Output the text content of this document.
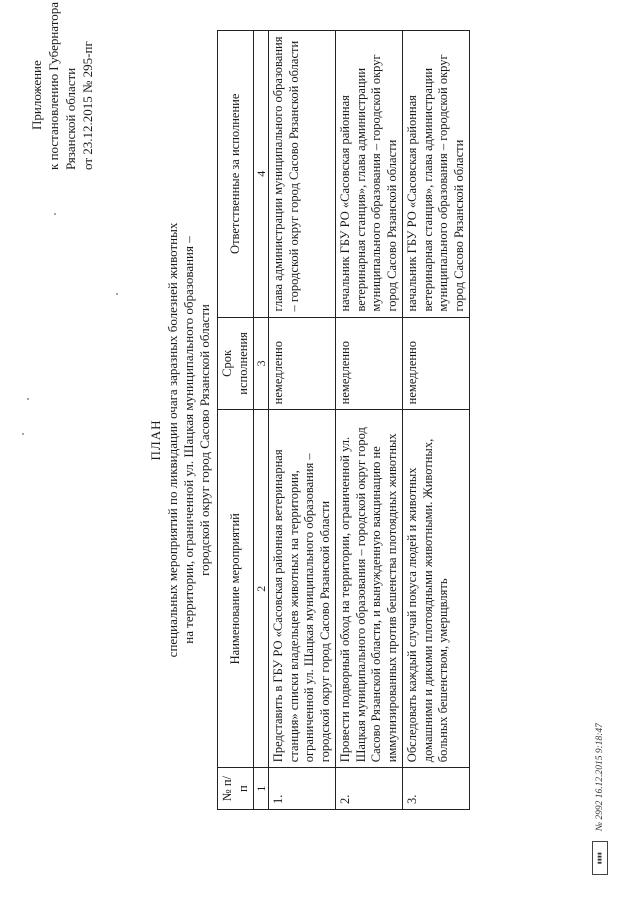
Приложение к постановлению Губернатора Рязанской области от 23.12.2015 № 295-пг
ПЛАН специальных мероприятий по ликвидации очага заразных болезней животных на территории, ограниченной ул. Шацкая муниципального образования – городской округ город Сасово Рязанской области
№ п/п	Наименование мероприятий	Срок исполнения	Ответственные за исполнение
1	2	3	4
1.	Представить в ГБУ РО «Сасовская районная ветеринарная станция» списки владельцев животных на территории, ограниченной ул. Шацкая муниципального образования – городской округ город Сасово Рязанской области	немедленно	глава администрации муниципального образования – городской округ город Сасово Рязанской области
2.	Провести подворный обход на территории, ограниченной ул. Шацкая муниципального образования – городской округ город Сасово Рязанской области, и вынужденную вакцинацию не иммунизированных против бешенства плотоядных животных	немедленно	начальник ГБУ РО «Сасовская районная ветеринарная станция», глава администрации муниципального образования – городской округ город Сасово Рязанской области
3.	Обследовать каждый случай покуса людей и животных домашними и дикими плотоядными животными. Животных, больных бешенством, умерщвлять	немедленно	начальник ГБУ РО «Сасовская районная ветеринарная станция», глава администрации муниципального образования – городской округ город Сасово Рязанской области
▮▮▮▮
№ 2992 16.12.2015 9:18:47
